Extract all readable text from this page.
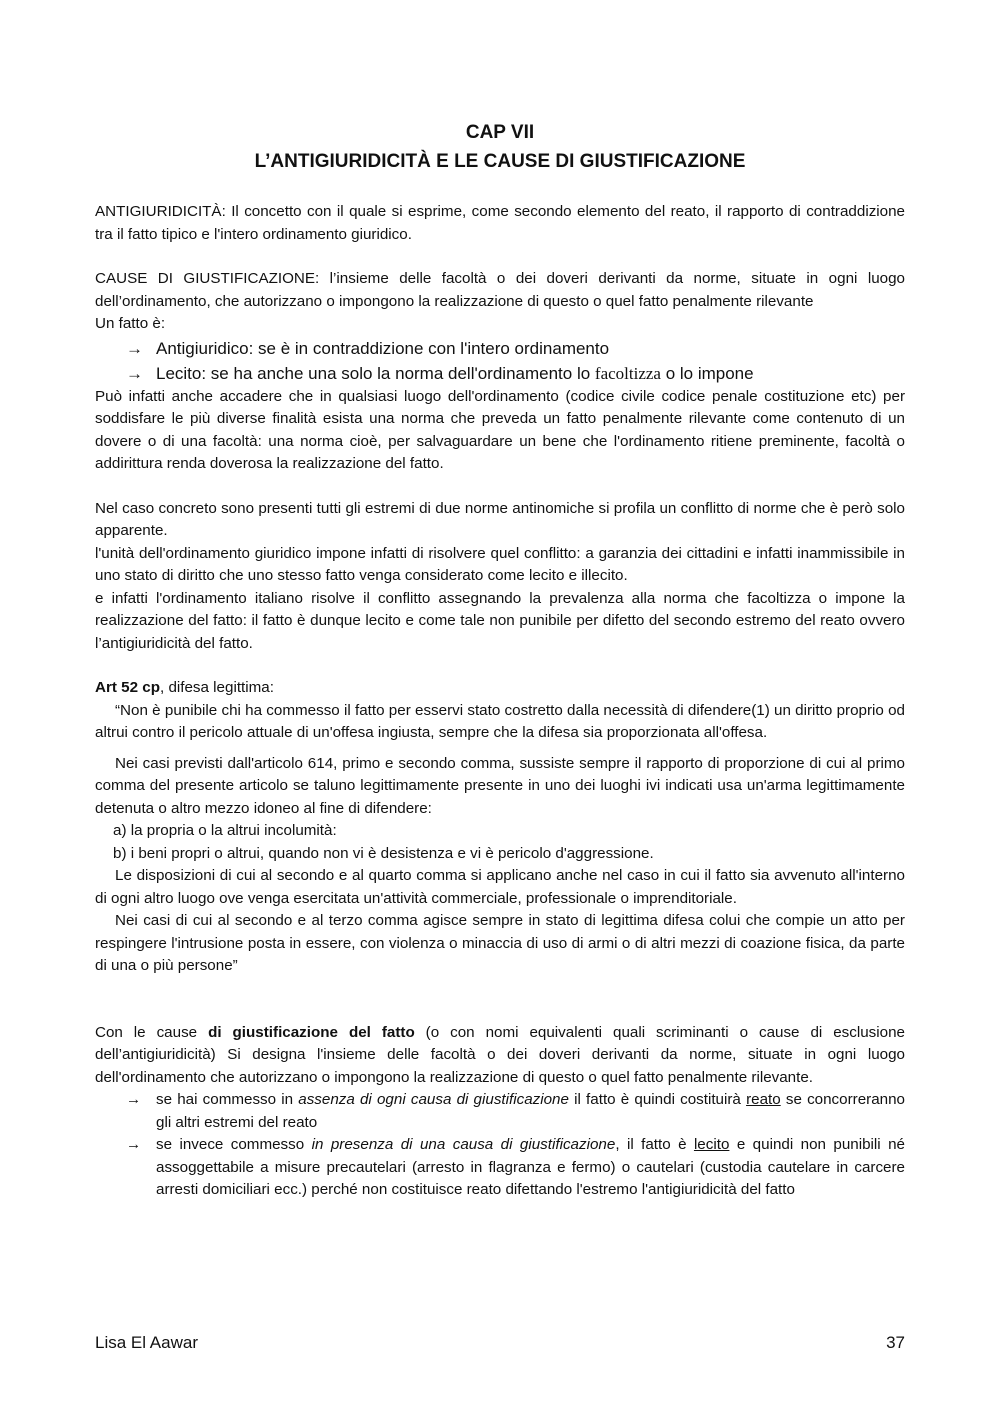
CAP VII

L’ANTIGIURIDICITÀ E LE CAUSE DI GIUSTIFICAZIONE

ANTIGIURIDICITÀ: Il concetto con il quale si esprime, come secondo elemento del reato, il rapporto di contraddizione tra il fatto tipico e l'intero ordinamento giuridico.

CAUSE DI GIUSTIFICAZIONE: l’insieme delle facoltà o dei doveri derivanti da norme, situate in ogni luogo dell’ordinamento, che autorizzano o impongono la realizzazione di questo o quel fatto penalmente rilevante

Un fatto è:

→ Antigiuridico: se è in contraddizione con l'intero ordinamento
→ Lecito: se ha anche una solo la norma dell'ordinamento lo facoltizza o lo impone

Può infatti anche accadere che in qualsiasi luogo dell'ordinamento (codice civile codice penale costituzione etc) per soddisfare le più diverse finalità esista una norma che preveda un fatto penalmente rilevante come contenuto di un dovere o di una facoltà: una norma cioè, per salvaguardare un bene che l'ordinamento ritiene preminente, facoltà o addirittura renda doverosa la realizzazione del fatto.

Nel caso concreto sono presenti tutti gli estremi di due norme antinomiche si profila un conflitto di norme che è però solo apparente.

l'unità dell'ordinamento giuridico impone infatti di risolvere quel conflitto: a garanzia dei cittadini e infatti inammissibile in uno stato di diritto che uno stesso fatto venga considerato come lecito e illecito.

e infatti l'ordinamento italiano risolve il conflitto assegnando la prevalenza alla norma che facoltizza o impone la realizzazione del fatto: il fatto è dunque lecito e come tale non punibile per difetto del secondo estremo del reato ovvero l’antigiuridicità del fatto.

Art 52 cp, difesa legittima:

“Non è punibile chi ha commesso il fatto per esservi stato costretto dalla necessità di difendere(1) un diritto proprio od altrui contro il pericolo attuale di un'offesa ingiusta, sempre che la difesa sia proporzionata all'offesa.

Nei casi previsti dall'articolo 614, primo e secondo comma, sussiste sempre il rapporto di proporzione di cui al primo comma del presente articolo se taluno legittimamente presente in uno dei luoghi ivi indicati usa un'arma legittimamente detenuta o altro mezzo idoneo al fine di difendere:

a) la propria o la altrui incolumità:

b) i beni propri o altrui, quando non vi è desistenza e vi è pericolo d'aggressione.

Le disposizioni di cui al secondo e al quarto comma si applicano anche nel caso in cui il fatto sia avvenuto all'interno di ogni altro luogo ove venga esercitata un'attività commerciale, professionale o imprenditoriale.

Nei casi di cui al secondo e al terzo comma agisce sempre in stato di legittima difesa colui che compie un atto per respingere l'intrusione posta in essere, con violenza o minaccia di uso di armi o di altri mezzi di coazione fisica, da parte di una o più persone”

Con le cause di giustificazione del fatto (o con nomi equivalenti quali scriminanti o cause di esclusione dell’antigiuridicità) Si designa l'insieme delle facoltà o dei doveri derivanti da norme, situate in ogni luogo dell'ordinamento che autorizzano o impongono la realizzazione di questo o quel fatto penalmente rilevante.

→ se hai commesso in assenza di ogni causa di giustificazione il fatto è quindi costituirà reato se concorreranno gli altri estremi del reato
→ se invece commesso in presenza di una causa di giustificazione, il fatto è lecito e quindi non punibili né assoggettabile a misure precautelari (arresto in flagranza e fermo) o cautelari (custodia cautelare in carcere arresti domiciliari ecc.) perché non costituisce reato difettando l'estremo l'antigiuridicità del fatto
Lisa El Aawar	37
